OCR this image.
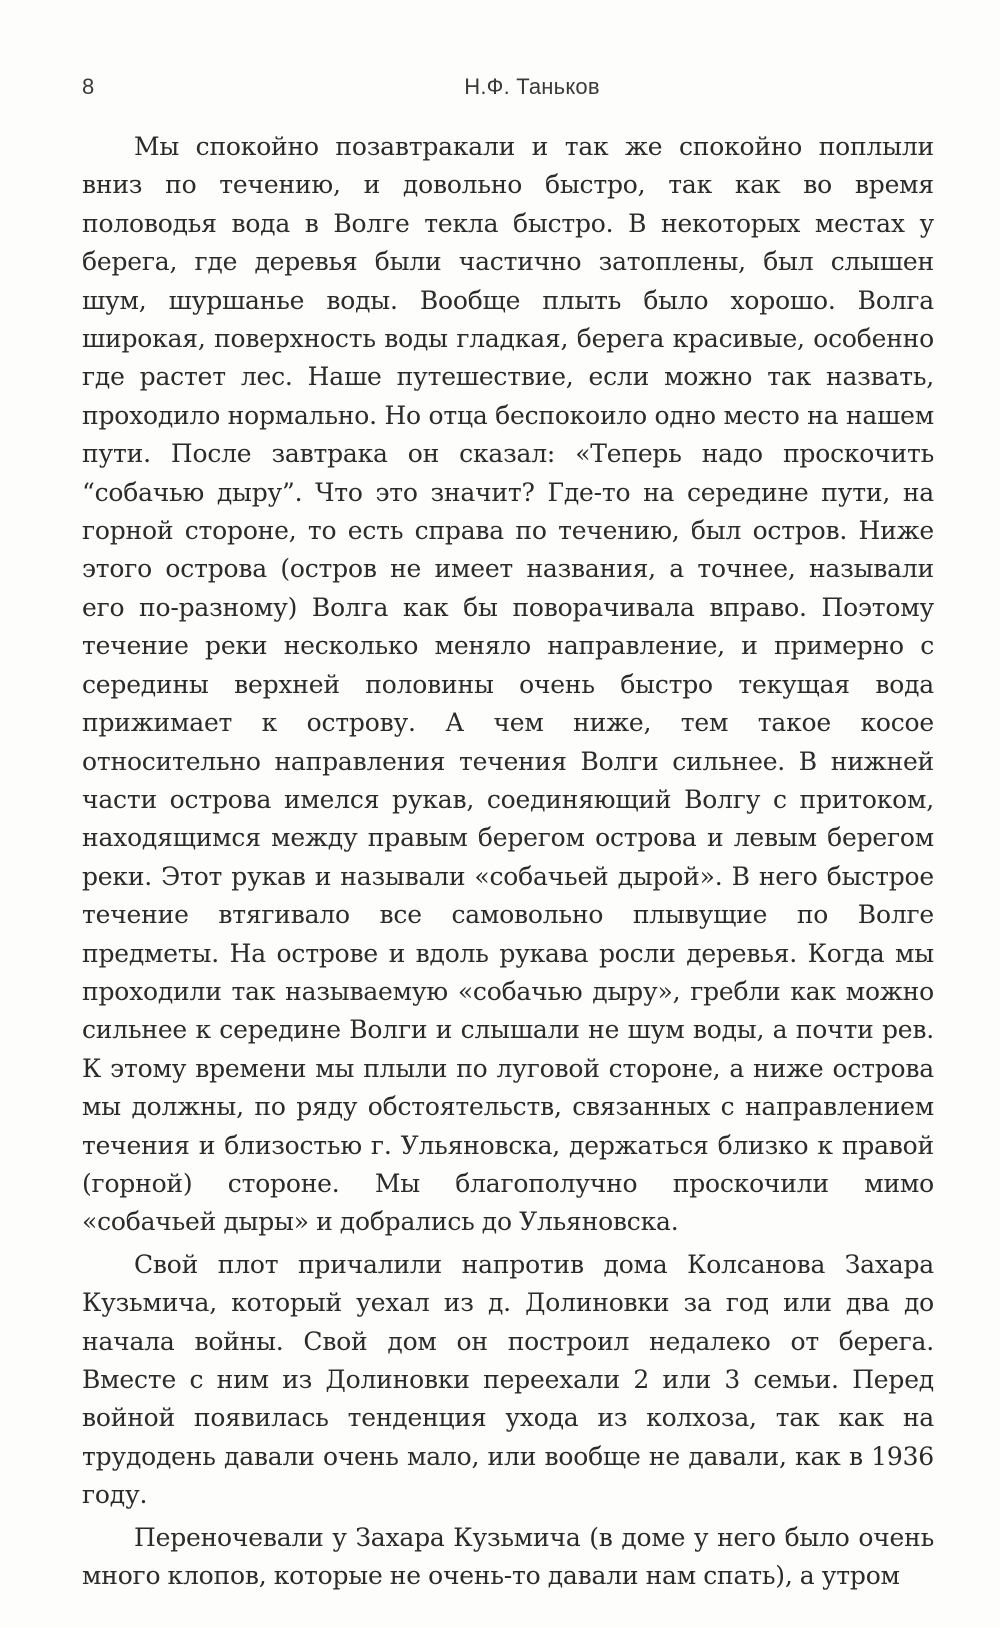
8	Н.Ф. Таньков

Мы спокойно позавтракали и так же спокойно поплыли вниз по течению, и довольно быстро, так как во время половодья вода в Волге текла быстро. В некоторых местах у берега, где деревья были частично затоплены, был слышен шум, шуршанье воды. Вообще плыть было хорошо. Волга широкая, поверхность воды гладкая, берега красивые, особенно где растет лес. Наше путешествие, если можно так назвать, проходило нормально. Но отца беспокоило одно место на нашем пути. После завтрака он сказал: «Теперь надо проскочить “собачью дыру”. Что это значит? Где-то на середине пути, на горной стороне, то есть справа по течению, был остров. Ниже этого острова (остров не имеет названия, а точнее, называли его по-разному) Волга как бы поворачивала вправо. Поэтому течение реки несколько меняло направление, и примерно с середины верхней половины очень быстро текущая вода прижимает к острову. А чем ниже, тем такое косое относительно направления течения Волги сильнее. В нижней части острова имелся рукав, соединяющий Волгу с притоком, находящимся между правым берегом острова и левым берегом реки. Этот рукав и называли «собачьей дырой». В него быстрое течение втягивало все самовольно плывущие по Волге предметы. На острове и вдоль рукава росли деревья. Когда мы проходили так называемую «собачью дыру», гребли как можно сильнее к середине Волги и слышали не шум воды, а почти рев. К этому времени мы плыли по луговой стороне, а ниже острова мы должны, по ряду обстоятельств, связанных с направлением течения и близостью г. Ульяновска, держаться близко к правой (горной) стороне. Мы благополучно проскочили мимо «собачьей дыры» и добрались до Ульяновска.

Свой плот причалили напротив дома Колсанова Захара Кузьмича, который уехал из д. Долиновки за год или два до начала войны. Свой дом он построил недалеко от берега. Вместе с ним из Долиновки переехали 2 или 3 семьи. Перед войной появилась тенденция ухода из колхоза, так как на трудодень давали очень мало, или вообще не давали, как в 1936 году.

Переночевали у Захара Кузьмича (в доме у него было очень много клопов, которые не очень-то давали нам спать), а утром
